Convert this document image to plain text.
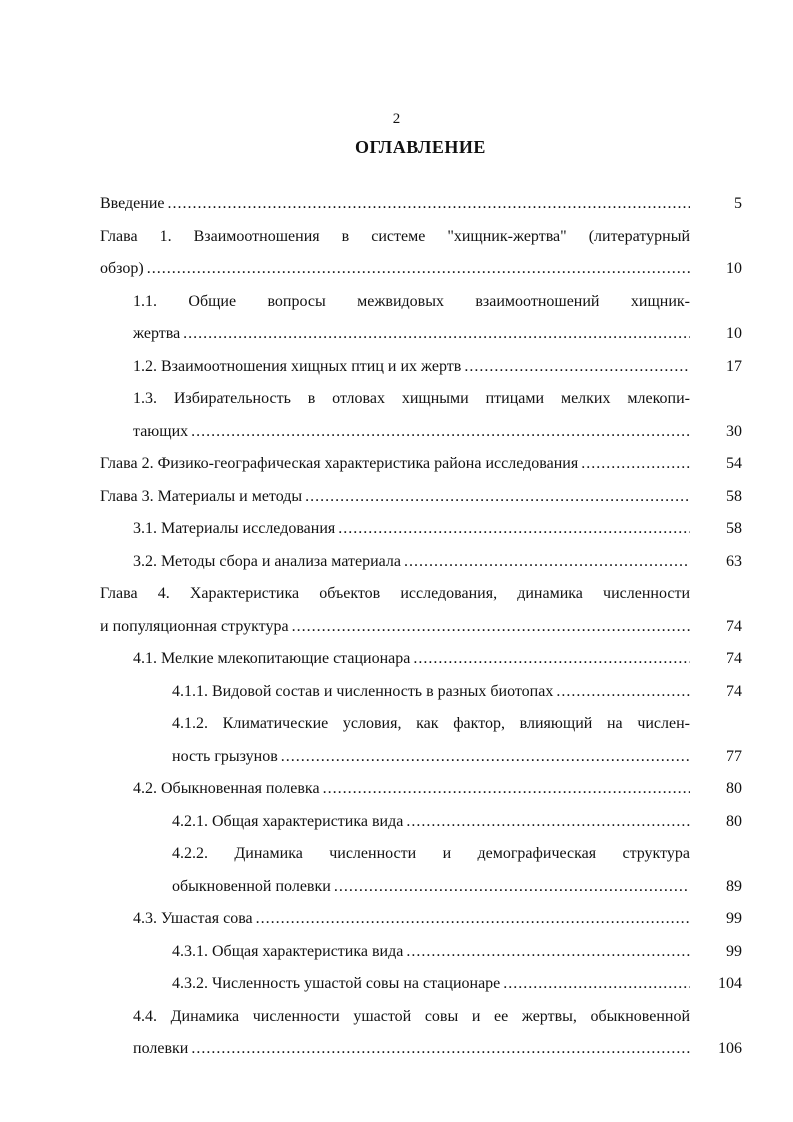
2
ОГЛАВЛЕНИЕ
Введение .....	5
Глава 1. Взаимоотношения в системе "хищник-жертва" (литературный
обзор) .....	10
1.1. Общие вопросы межвидовых взаимоотношений хищник-
жертва .....	10
1.2. Взаимоотношения хищных птиц и их жертв .....	17
1.3. Избирательность в отловах хищными птицами мелких млекопи-
тающих .....	30
Глава 2. Физико-географическая характеристика района исследования .....	54
Глава 3. Материалы и методы .....	58
3.1. Материалы исследования .....	58
3.2. Методы сбора и анализа материала .....	63
Глава 4. Характеристика объектов исследования, динамика численности
и популяционная структура .....	74
4.1. Мелкие млекопитающие стационара .....	74
4.1.1. Видовой состав и численность в разных биотопах .....	74
4.1.2. Климатические условия, как фактор, влияющий на числен-
ность грызунов .....	77
4.2. Обыкновенная полевка .....	80
4.2.1. Общая характеристика вида .....	80
4.2.2. Динамика численности и демографическая структура
обыкновенной полевки .....	89
4.3. Ушастая сова .....	99
4.3.1. Общая характеристика вида .....	99
4.3.2. Численность ушастой совы на стационаре .....	104
4.4. Динамика численности ушастой совы и ее жертвы, обыкновенной
полевки .....	106
